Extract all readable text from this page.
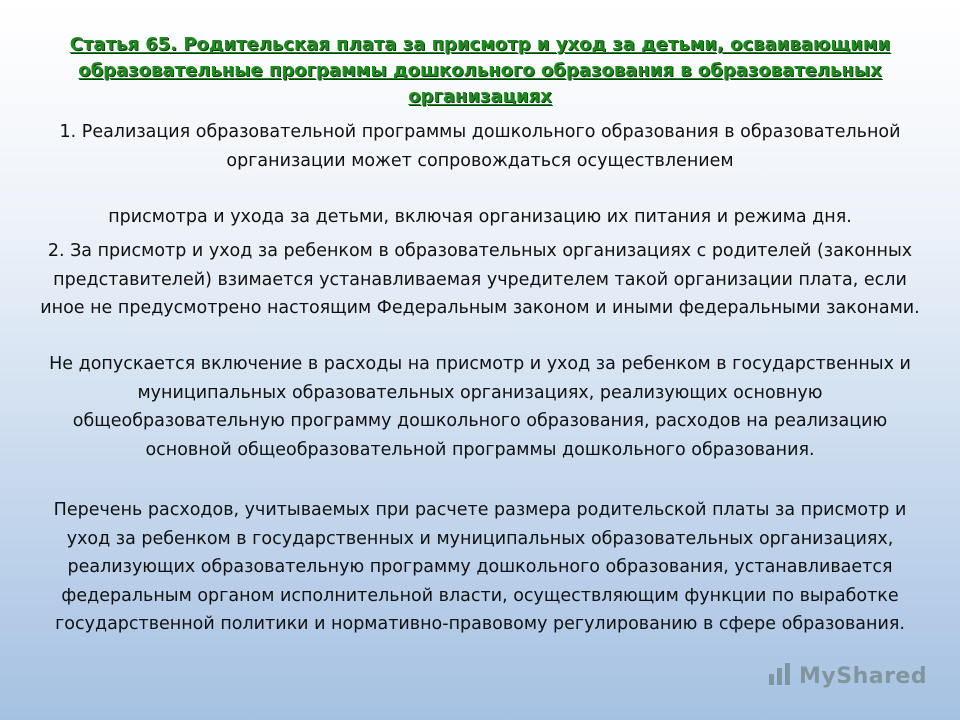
Статья 65. Родительская плата за присмотр и уход за детьми, осваивающими образовательные программы дошкольного образования в образовательных организациях
1. Реализация образовательной программы дошкольного образования в образовательной организации может сопровождаться осуществлением
присмотра и ухода за детьми, включая организацию их питания и режима дня.
2. За присмотр и уход за ребенком в образовательных организациях с родителей (законных представителей) взимается устанавливаемая учредителем такой организации плата, если иное не предусмотрено настоящим Федеральным законом и иными федеральными законами.
Не допускается включение в расходы на присмотр и уход за ребенком в государственных и муниципальных образовательных организациях, реализующих основную общеобразовательную программу дошкольного образования, расходов на реализацию основной общеобразовательной программы дошкольного образования.
Перечень расходов, учитываемых при расчете размера родительской платы за присмотр и уход за ребенком в государственных и муниципальных образовательных организациях, реализующих образовательную программу дошкольного образования, устанавливается федеральным органом исполнительной власти, осуществляющим функции по выработке государственной политики и нормативно-правовому регулированию в сфере образования.
MyShared
